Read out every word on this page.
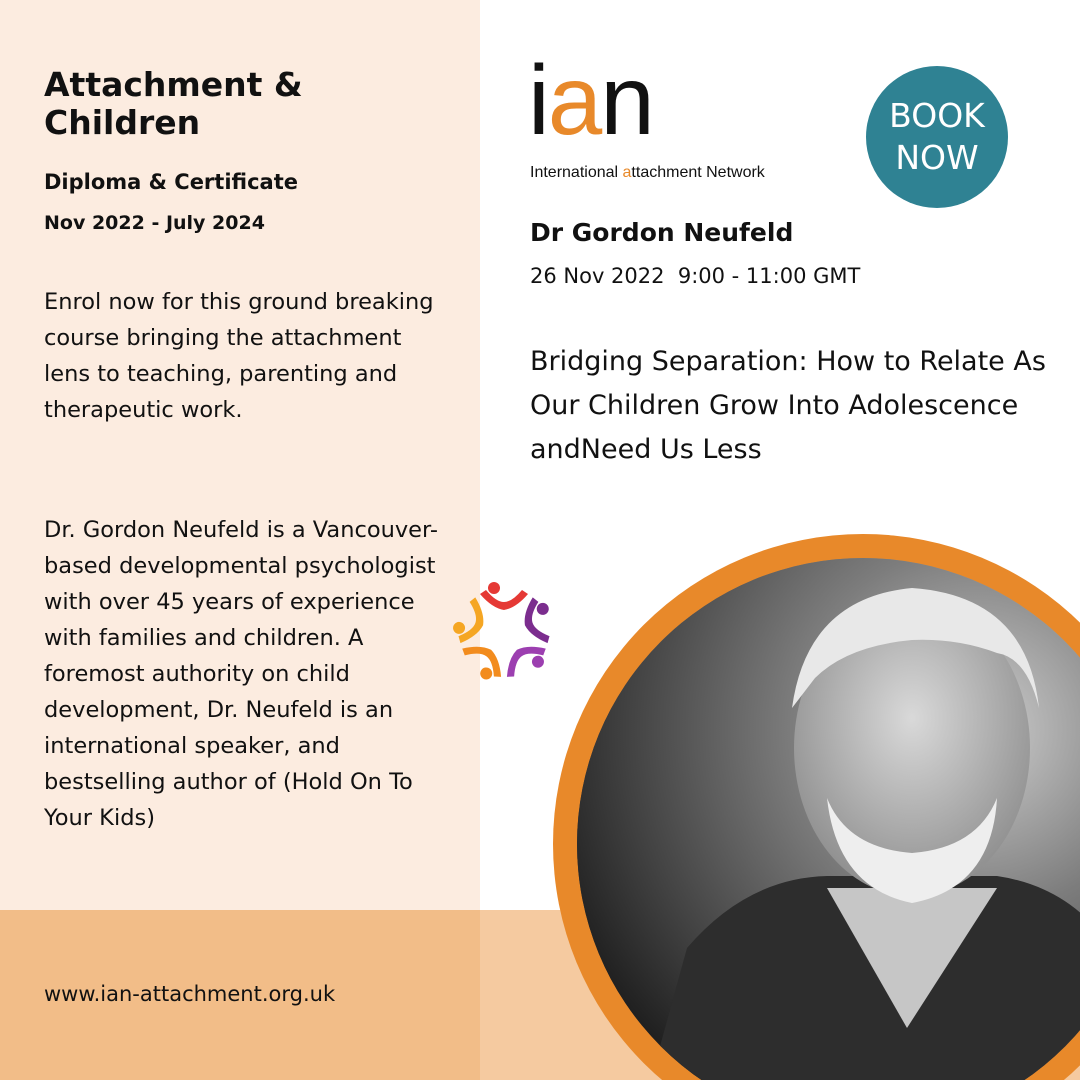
Attachment & Children
Diploma & Certificate
Nov 2022 - July 2024

Enrol now for this ground breaking course bringing the attachment lens to teaching, parenting and therapeutic work.

Dr. Gordon Neufeld is a Vancouver-based developmental psychologist with over 45 years of experience with families and children. A foremost authority on child development, Dr. Neufeld is an international speaker, and bestselling author of (Hold On To Your Kids)

www.ian-attachment.org.uk
ian
International attachment Network
BOOK
NOW
Dr Gordon Neufeld
26 Nov 2022  9:00 - 11:00 GMT
Bridging Separation: How to Relate As Our Children Grow Into Adolescence andNeed Us Less
